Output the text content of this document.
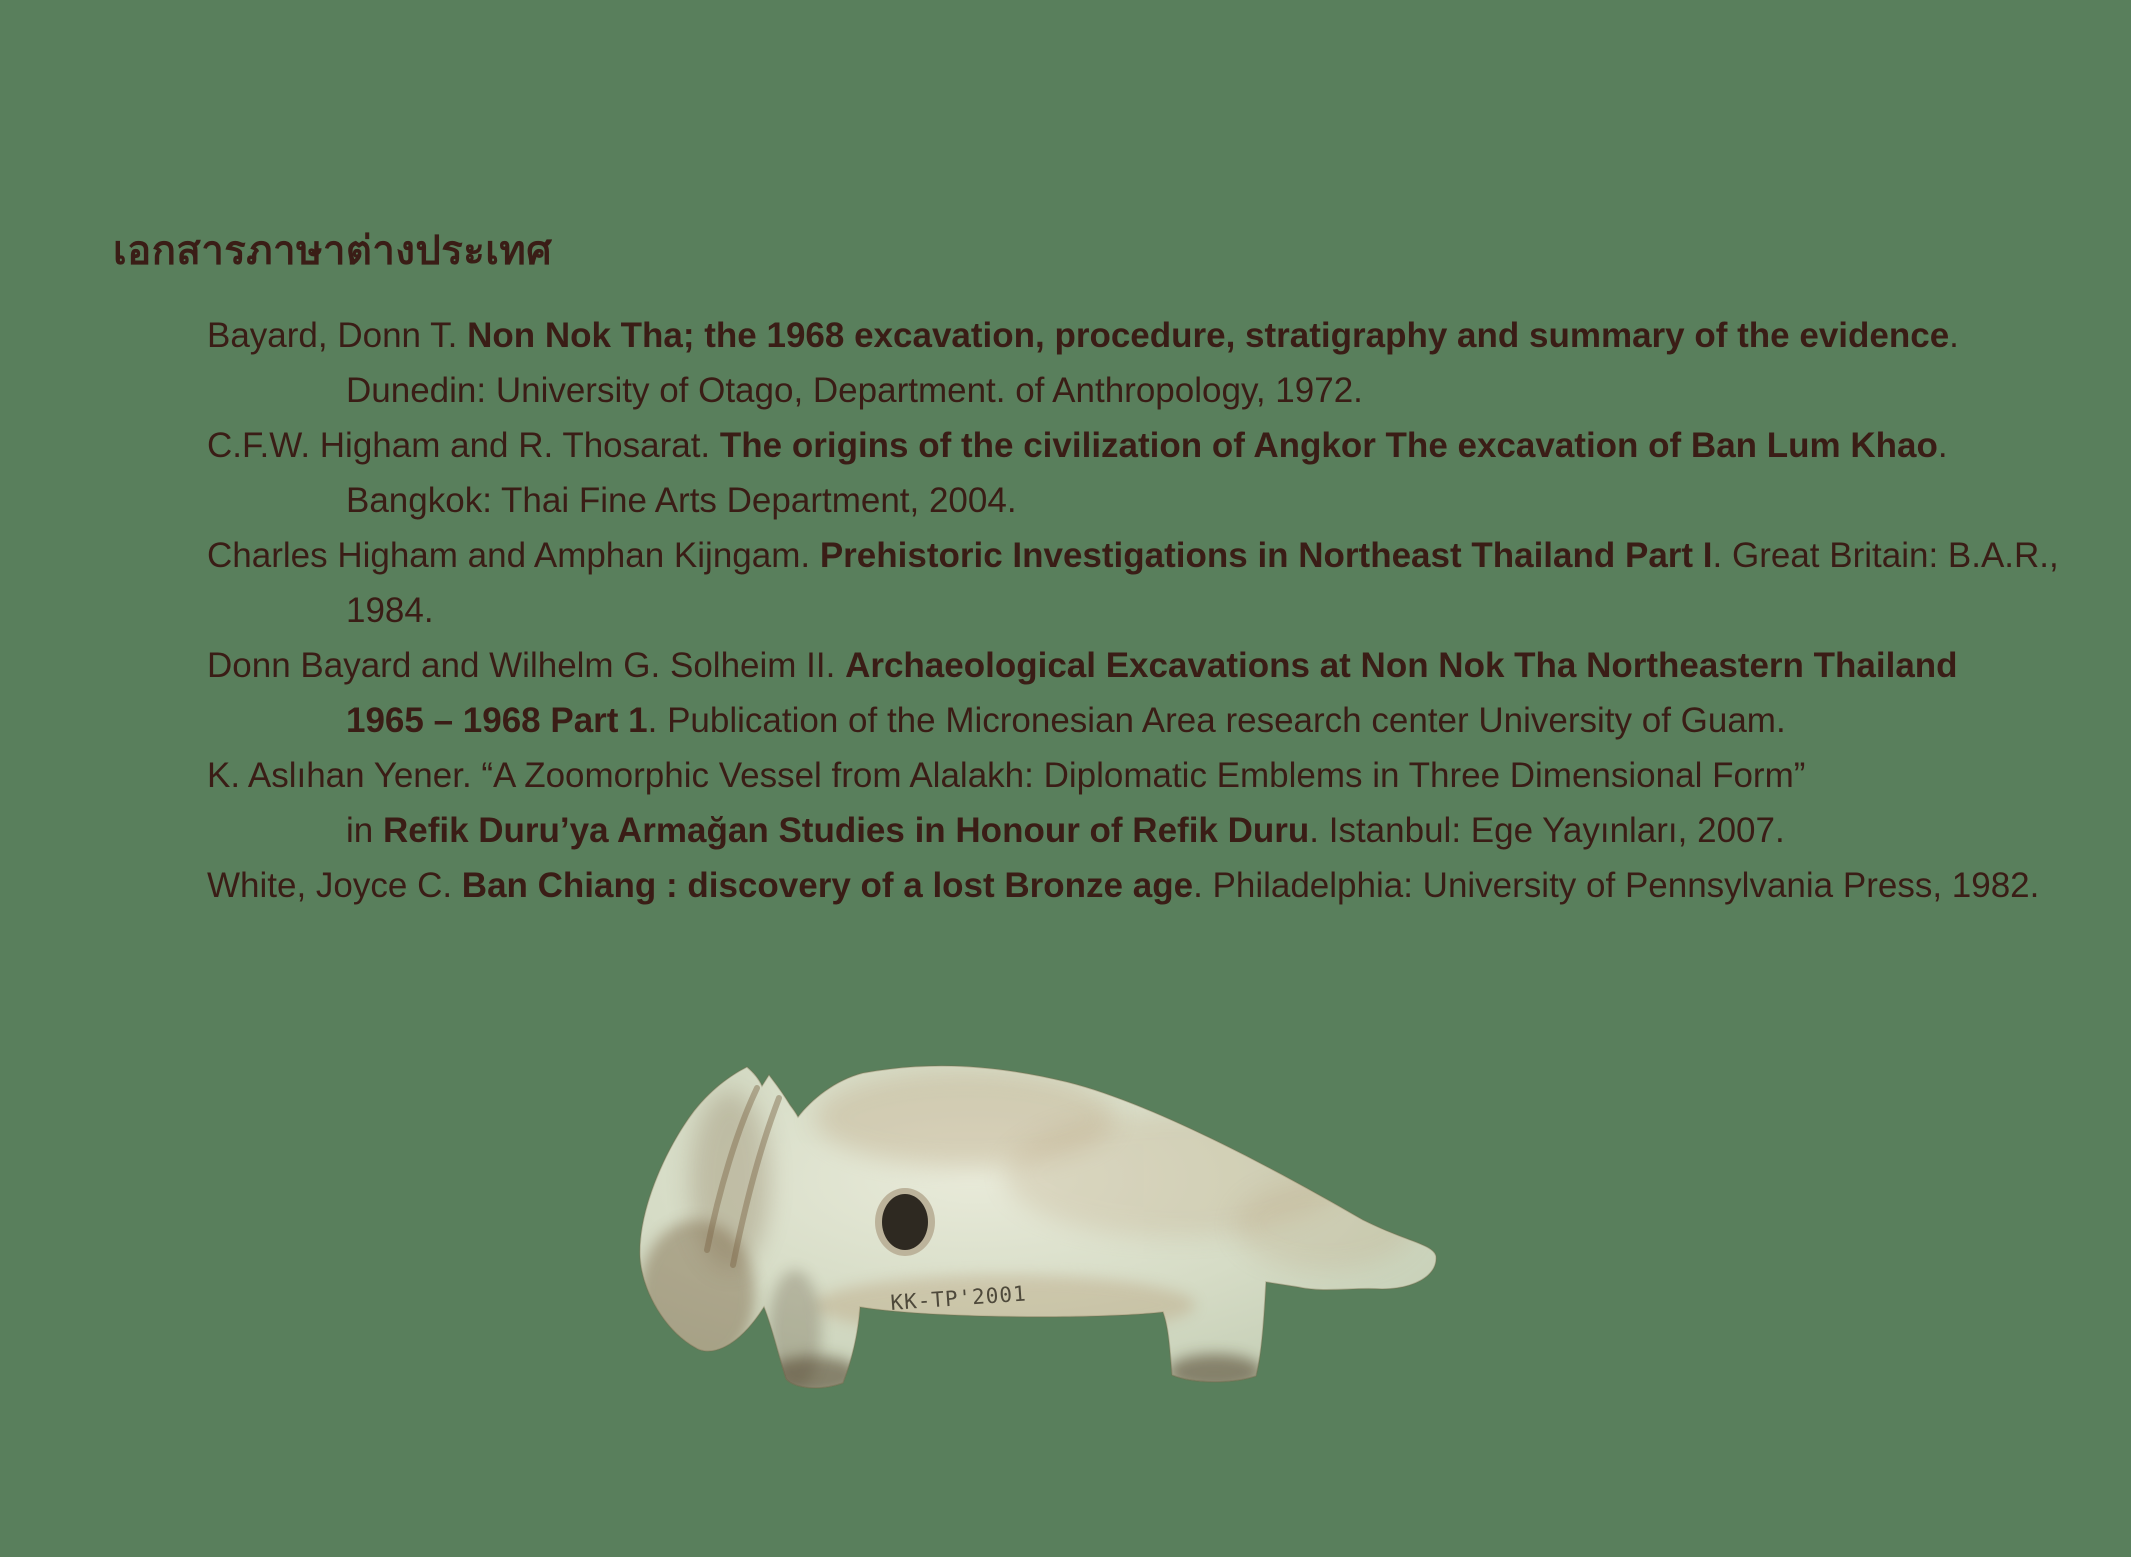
เอกสารภาษาต่างประเทศ
Bayard, Donn T. Non Nok Tha; the 1968 excavation, procedure, stratigraphy and summary of the evidence.
Dunedin: University of Otago, Department. of Anthropology, 1972.
C.F.W. Higham and R. Thosarat. The origins of the civilization of Angkor The excavation of Ban Lum Khao.
Bangkok: Thai Fine Arts Department, 2004.
Charles Higham and Amphan Kijngam. Prehistoric Investigations in Northeast Thailand Part I. Great Britain: B.A.R.,
1984.
Donn Bayard and Wilhelm G. Solheim II. Archaeological Excavations at Non Nok Tha Northeastern Thailand
1965 – 1968 Part 1. Publication of the Micronesian Area research center University of Guam.
K. Aslıhan Yener. “A Zoomorphic Vessel from Alalakh: Diplomatic Emblems in Three Dimensional Form”
in Refik Duru’ya Armağan Studies in Honour of Refik Duru. Istanbul: Ege Yayınları, 2007.
White, Joyce C. Ban Chiang : discovery of a lost Bronze age. Philadelphia: University of Pennsylvania Press, 1982.
KK-TP'2001
